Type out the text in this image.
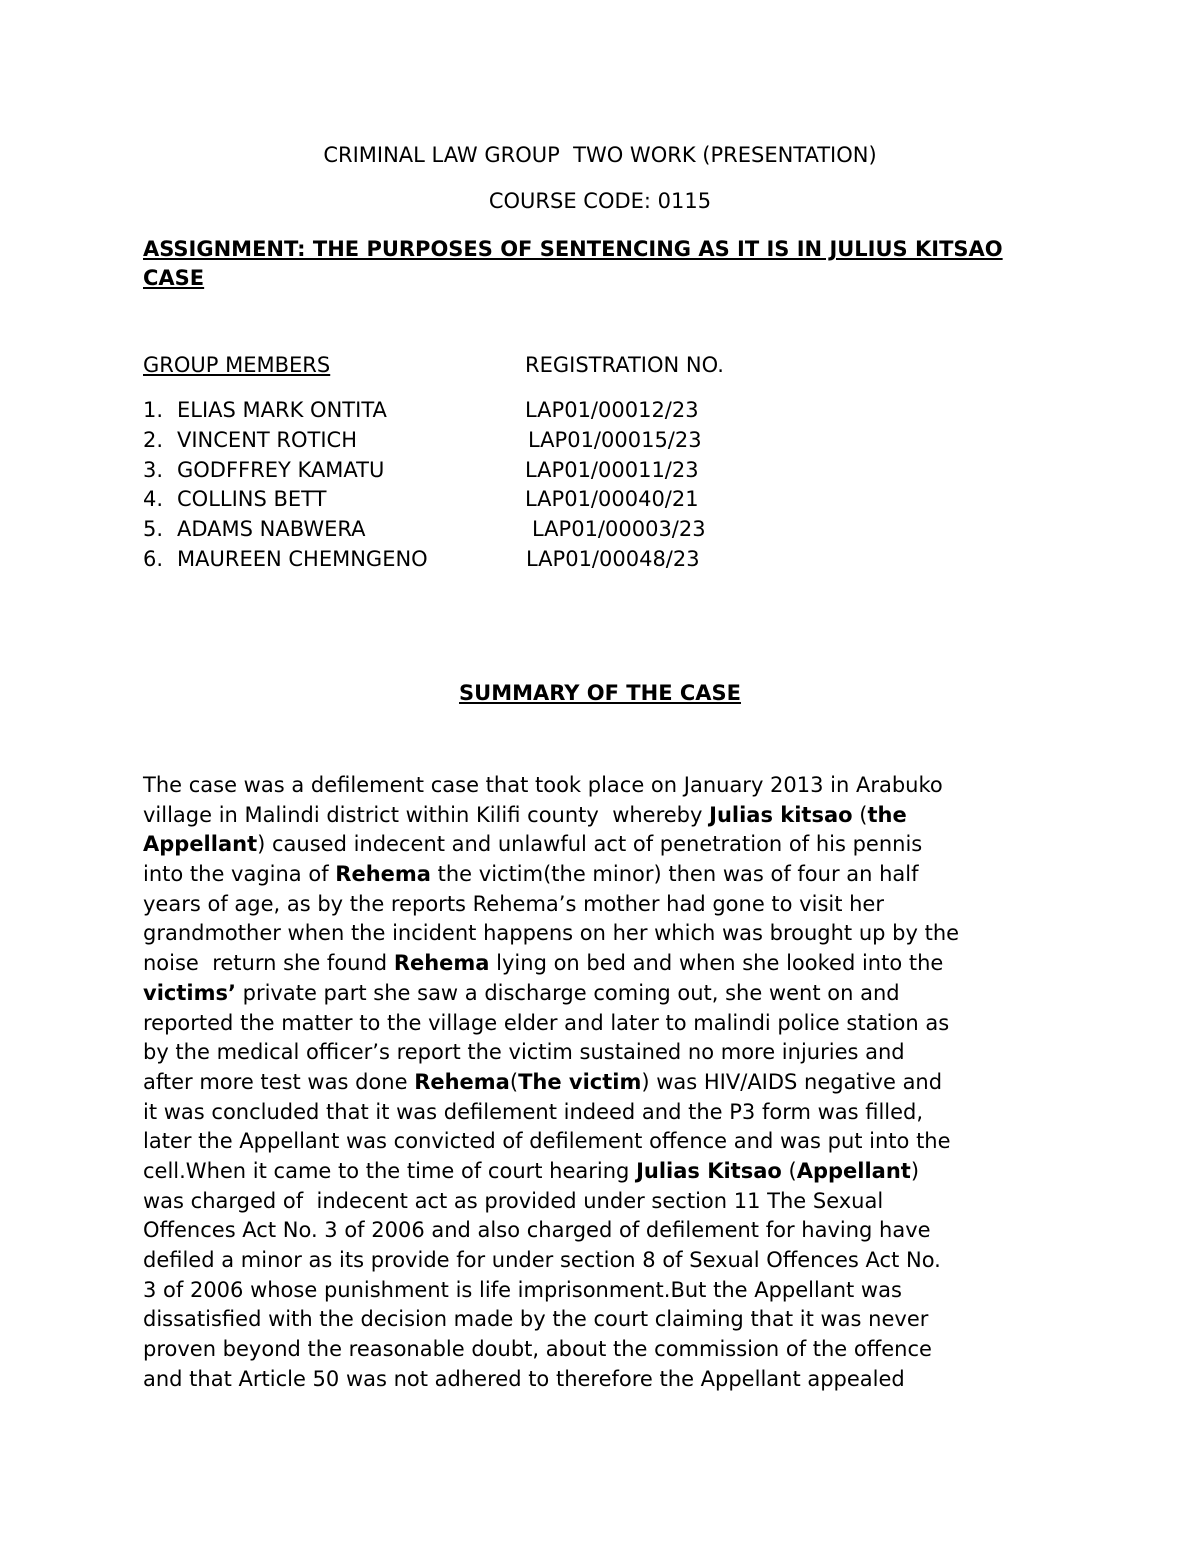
CRIMINAL LAW GROUP  TWO WORK (PRESENTATION)
COURSE CODE: 0115
ASSIGNMENT: THE PURPOSES OF SENTENCING AS IT IS IN JULIUS KITSAO CASE
GROUP MEMBERS	REGISTRATION NO.
1. ELIAS MARK ONTITA	LAP01/00012/23
2. VINCENT ROTICH	LAP01/00015/23
3. GODFFREY KAMATU	LAP01/00011/23
4. COLLINS BETT	LAP01/00040/21
5. ADAMS NABWERA	LAP01/00003/23
6. MAUREEN CHEMNGENO	LAP01/00048/23
SUMMARY OF THE CASE
The case was a defilement case that took place on January 2013 in Arabuko
village in Malindi district within Kilifi county  whereby Julias kitsao (the
Appellant) caused indecent and unlawful act of penetration of his pennis
into the vagina of Rehema the victim(the minor) then was of four an half
years of age, as by the reports Rehema’s mother had gone to visit her
grandmother when the incident happens on her which was brought up by the
noise  return she found Rehema lying on bed and when she looked into the
victims’ private part she saw a discharge coming out, she went on and
reported the matter to the village elder and later to malindi police station as
by the medical officer’s report the victim sustained no more injuries and
after more test was done Rehema(The victim) was HIV/AIDS negative and
it was concluded that it was defilement indeed and the P3 form was filled,
later the Appellant was convicted of defilement offence and was put into the
cell.When it came to the time of court hearing Julias Kitsao (Appellant)
was charged of  indecent act as provided under section 11 The Sexual
Offences Act No. 3 of 2006 and also charged of defilement for having have
defiled a minor as its provide for under section 8 of Sexual Offences Act No.
3 of 2006 whose punishment is life imprisonment.But the Appellant was
dissatisfied with the decision made by the court claiming that it was never
proven beyond the reasonable doubt, about the commission of the offence
and that Article 50 was not adhered to therefore the Appellant appealed
